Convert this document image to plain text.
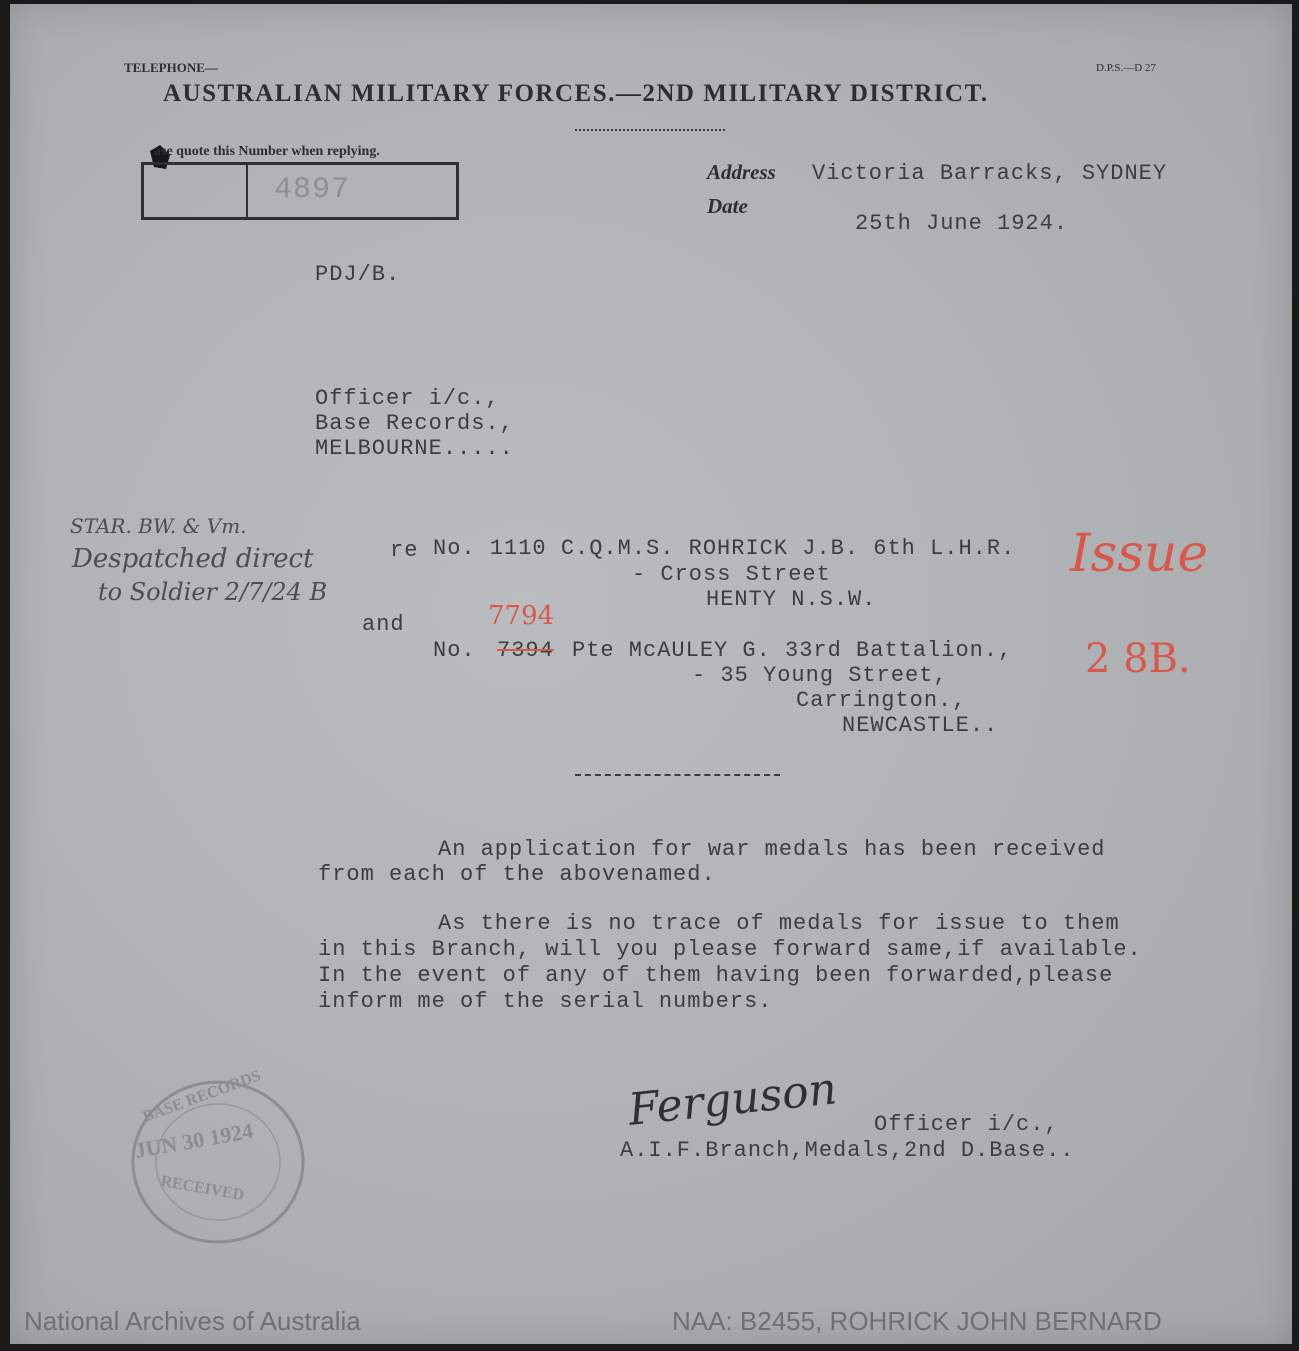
TELEPHONE—	D.P.S.—D 27
AUSTRALIAN MILITARY FORCES.—2ND MILITARY DISTRICT.

ase quote this Number when replying.
4897
Address Victoria Barracks, SYDNEY
Date
25th June 1924.
PDJ/B.
Officer i/c.,
Base Records.,
MELBOURNE.....
STAR. BW. & Vm.
Despatched direct
to Soldier 2/7/24 B
re No. 1110 C.Q.M.S. ROHRICK J.B. 6th L.H.R.
- Cross Street
HENTY N.S.W.
and	7794
No. 7394 Pte McAULEY G. 33rd Battalion.,
- 35 Young Street,
Carrington.,
NEWCASTLE..
Issue
2 8B.
An application for war medals has been received
from each of the abovenamed.
As there is no trace of medals for issue to them
in this Branch, will you please forward same,if available.
In the event of any of them having been forwarded,please
inform me of the serial numbers.
Ferguson Officer i/c.,
A.I.F.Branch,Medals,2nd D.Base..

BASE RECORDS

JUN 30 1924

RECEIVED

National Archives of Australia	NAA: B2455, ROHRICK JOHN BERNARD
